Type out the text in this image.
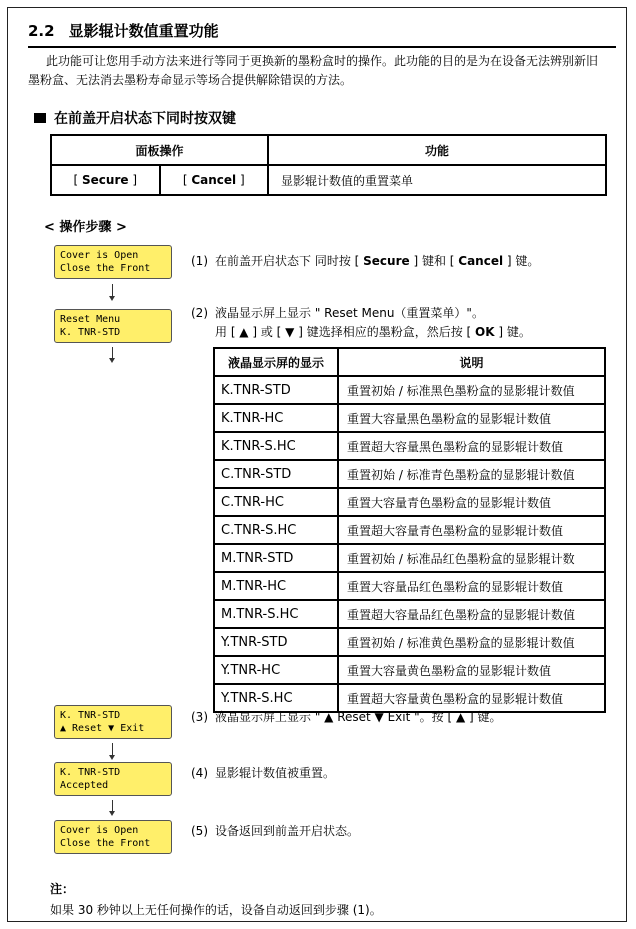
2.2 显影辊计数值重置功能
此功能可让您用手动方法来进行等同于更换新的墨粉盒时的操作。此功能的目的是为在设备无法辨别新旧墨粉盒、无法消去墨粉寿命显示等场合提供解除错误的方法。
在前盖开启状态下同时按双键
面板操作		功能
[ Secure ]	[ Cancel ]	显影辊计数值的重置菜单
< 操作步骤 >
Cover is Open
Close the Front
Reset Menu
K. TNR-STD
K. TNR-STD
▲ Reset ▼ Exit
K. TNR-STD
Accepted
Cover is Open
Close the Front
(1) 在前盖开启状态下 同时按 [ Secure ] 键和 [ Cancel ] 键。
(2) 液晶显示屏上显示 " Reset Menu（重置菜单）"。
用 [ ▲ ] 或 [ ▼ ] 键选择相应的墨粉盒，然后按 [ OK ] 键。
液晶显示屏的显示	说明
K.TNR-STD	重置初始 / 标准黑色墨粉盒的显影辊计数值
K.TNR-HC	重置大容量黑色墨粉盒的显影辊计数值
K.TNR-S.HC	重置超大容量黑色墨粉盒的显影辊计数值
C.TNR-STD	重置初始 / 标准青色墨粉盒的显影辊计数值
C.TNR-HC	重置大容量青色墨粉盒的显影辊计数值
C.TNR-S.HC	重置超大容量青色墨粉盒的显影辊计数值
M.TNR-STD	重置初始 / 标准品红色墨粉盒的显影辊计数
M.TNR-HC	重置大容量品红色墨粉盒的显影辊计数值
M.TNR-S.HC	重置超大容量品红色墨粉盒的显影辊计数值
Y.TNR-STD	重置初始 / 标准黄色墨粉盒的显影辊计数值
Y.TNR-HC	重置大容量黄色墨粉盒的显影辊计数值
Y.TNR-S.HC	重置超大容量黄色墨粉盒的显影辊计数值
(3) 液晶显示屏上显示 " ▲ Reset ▼ Exit "。按 [ ▲ ] 键。
(4) 显影辊计数值被重置。
(5) 设备返回到前盖开启状态。
注：
如果 30 秒钟以上无任何操作的话，设备自动返回到步骤 (1)。
